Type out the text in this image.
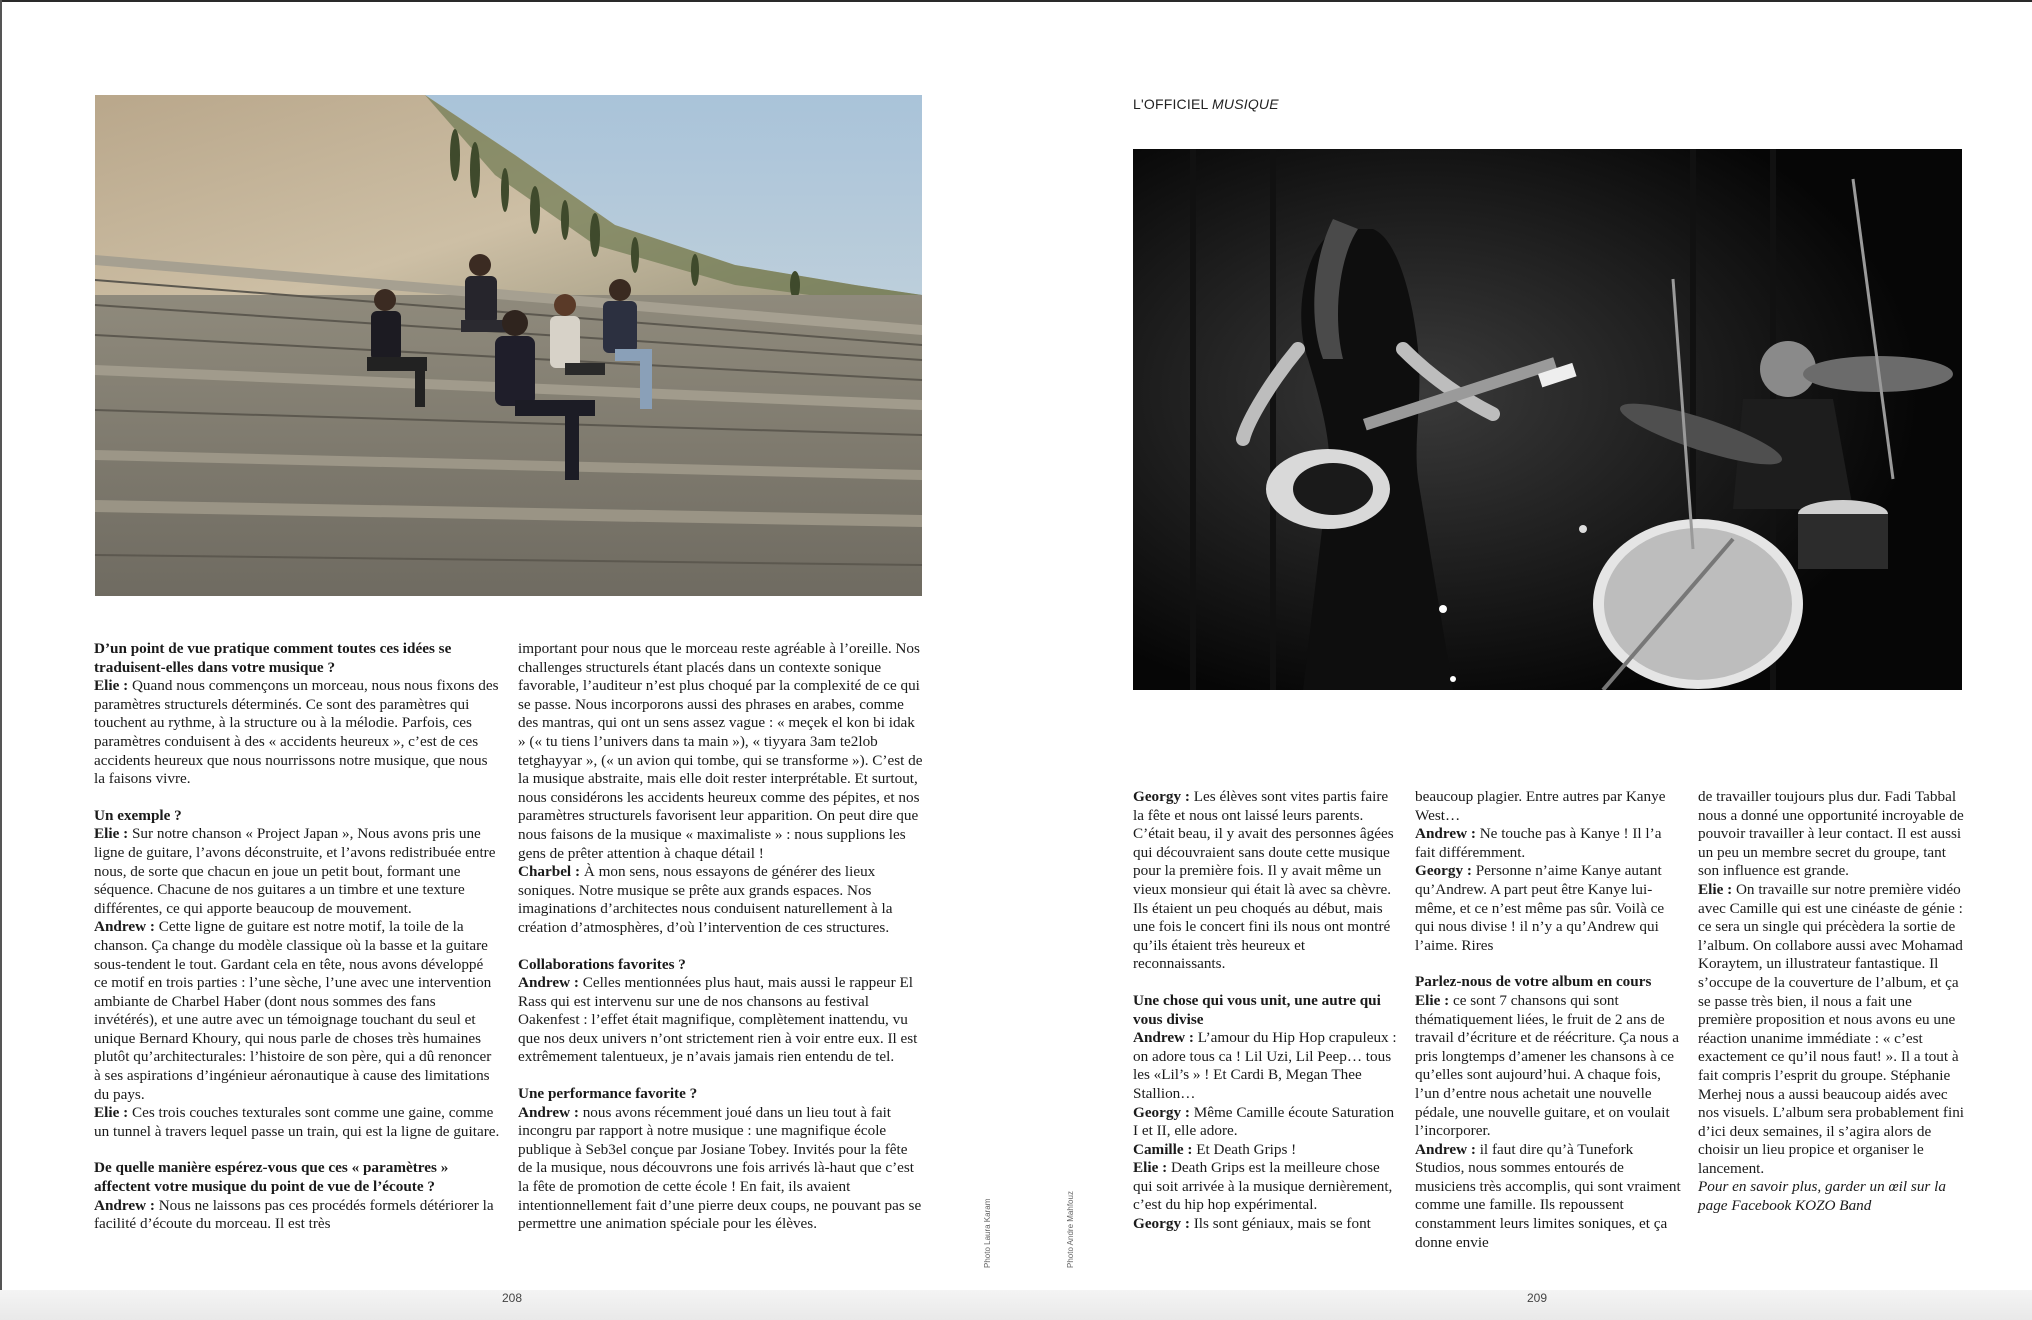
L'OFFICIEL MUSIQUE

D’un point de vue pratique comment toutes ces idées se traduisent-elles dans votre musique ?

Elie : Quand nous commençons un morceau, nous nous fixons des paramètres structurels déterminés. Ce sont des paramètres qui touchent au rythme, à la structure ou à la mélodie. Parfois, ces paramètres conduisent à des « accidents heureux », c’est de ces accidents heureux que nous nourrissons notre musique, que nous la faisons vivre.

Un exemple ?

Elie : Sur notre chanson « Project Japan », Nous avons pris une ligne de guitare, l’avons déconstruite, et l’avons redistribuée entre nous, de sorte que chacun en joue un petit bout, formant une séquence. Chacune de nos guitares a un timbre et une texture différentes, ce qui apporte beaucoup de mouvement.

Andrew : Cette ligne de guitare est notre motif, la toile de la chanson. Ça change du modèle classique où la basse et la guitare sous-tendent le tout. Gardant cela en tête, nous avons développé ce motif en trois parties : l’une sèche, l’une avec une intervention ambiante de Charbel Haber (dont nous sommes des fans invétérés), et une autre avec un témoignage touchant du seul et unique Bernard Khoury, qui nous parle de choses très humaines plutôt qu’architecturales: l’histoire de son père, qui a dû renoncer à ses aspirations d’ingénieur aéronautique à cause des limitations du pays.

Elie : Ces trois couches texturales sont comme une gaine, comme un tunnel à travers lequel passe un train, qui est la ligne de guitare.

De quelle manière espérez-vous que ces « paramètres » affectent votre musique du point de vue de l’écoute ?

Andrew : Nous ne laissons pas ces procédés formels détériorer la facilité d’écoute du morceau. Il est très

important pour nous que le morceau reste agréable à l’oreille. Nos challenges structurels étant placés dans un contexte sonique favorable, l’auditeur n’est plus choqué par la complexité de ce qui se passe. Nous incorporons aussi des phrases en arabes, comme des mantras, qui ont un sens assez vague : « meçek el kon bi idak » (« tu tiens l’univers dans ta main »), « tiyyara 3am te2lob tetghayyar », (« un avion qui tombe, qui se transforme »). C’est de la musique abstraite, mais elle doit rester interprétable. Et surtout, nous considérons les accidents heureux comme des pépites, et nos paramètres structurels favorisent leur apparition. On peut dire que nous faisons de la musique « maximaliste » : nous supplions les gens de prêter attention à chaque détail !

Charbel : À mon sens, nous essayons de générer des lieux soniques. Notre musique se prête aux grands espaces. Nos imaginations d’architectes nous conduisent naturellement à la création d’atmosphères, d’où l’intervention de ces structures.

Collaborations favorites ?

Andrew : Celles mentionnées plus haut, mais aussi le rappeur El Rass qui est intervenu sur une de nos chansons au festival Oakenfest : l’effet était magnifique, complètement inattendu, vu que nos deux univers n’ont strictement rien à voir entre eux. Il est extrêmement talentueux, je n’avais jamais rien entendu de tel.

Une performance favorite ?

Andrew : nous avons récemment joué dans un lieu tout à fait incongru par rapport à notre musique : une magnifique école publique à Seb3el conçue par Josiane Tobey. Invités pour la fête de la musique, nous découvrons une fois arrivés là-haut que c’est la fête de promotion de cette école ! En fait, ils avaient intentionnellement fait d’une pierre deux coups, ne pouvant pas se permettre une animation spéciale pour les élèves.

Georgy : Les élèves sont vites partis faire la fête et nous ont laissé leurs parents. C’était beau, il y avait des personnes âgées qui découvraient sans doute cette musique pour la première fois. Il y avait même un vieux monsieur qui était là avec sa chèvre. Ils étaient un peu choqués au début, mais une fois le concert fini ils nous ont montré qu’ils étaient très heureux et reconnaissants.

Une chose qui vous unit, une autre qui vous divise

Andrew : L’amour du Hip Hop crapuleux : on adore tous ca ! Lil Uzi, Lil Peep… tous les «Lil’s » ! Et Cardi B, Megan Thee Stallion…

Georgy : Même Camille écoute Saturation I et II, elle adore.

Camille : Et Death Grips !

Elie : Death Grips est la meilleure chose qui soit arrivée à la musique dernièrement, c’est du hip hop expérimental.

Georgy : Ils sont géniaux, mais se font

beaucoup plagier. Entre autres par Kanye West…

Andrew : Ne touche pas à Kanye ! Il l’a fait différemment.

Georgy : Personne n’aime Kanye autant qu’Andrew. A part peut être Kanye lui-même, et ce n’est même pas sûr. Voilà ce qui nous divise ! il n’y a qu’Andrew qui l’aime. Rires

Parlez-nous de votre album en cours

Elie : ce sont 7 chansons qui sont thématiquement liées, le fruit de 2 ans de travail d’écriture et de réécriture. Ça nous a pris longtemps d’amener les chansons à ce qu’elles sont aujourd’hui. A chaque fois, l’un d’entre nous achetait une nouvelle pédale, une nouvelle guitare, et on voulait l’incorporer.

Andrew : il faut dire qu’à Tunefork Studios, nous sommes entourés de musiciens très accomplis, qui sont vraiment comme une famille. Ils repoussent constamment leurs limites soniques, et ça donne envie

de travailler toujours plus dur. Fadi Tabbal nous a donné une opportunité incroyable de pouvoir travailler à leur contact. Il est aussi un peu un membre secret du groupe, tant son influence est grande.

Elie : On travaille sur notre première vidéo avec Camille qui est une cinéaste de génie : ce sera un single qui précèdera la sortie de l’album. On collabore aussi avec Mohamad Koraytem, un illustrateur fantastique. Il s’occupe de la couverture de l’album, et ça se passe très bien, il nous a fait une première proposition et nous avons eu une réaction unanime immédiate : « c’est exactement ce qu’il nous faut! ». Il a tout à fait compris l’esprit du groupe. Stéphanie Merhej nous a aussi beaucoup aidés avec nos visuels. L’album sera probablement fini d’ici deux semaines, il s’agira alors de choisir un lieu propice et organiser le lancement.

Pour en savoir plus, garder un œil sur la page Facebook KOZO Band

Photo Laura Karam	Photo Andre Mahfouz
208	209
